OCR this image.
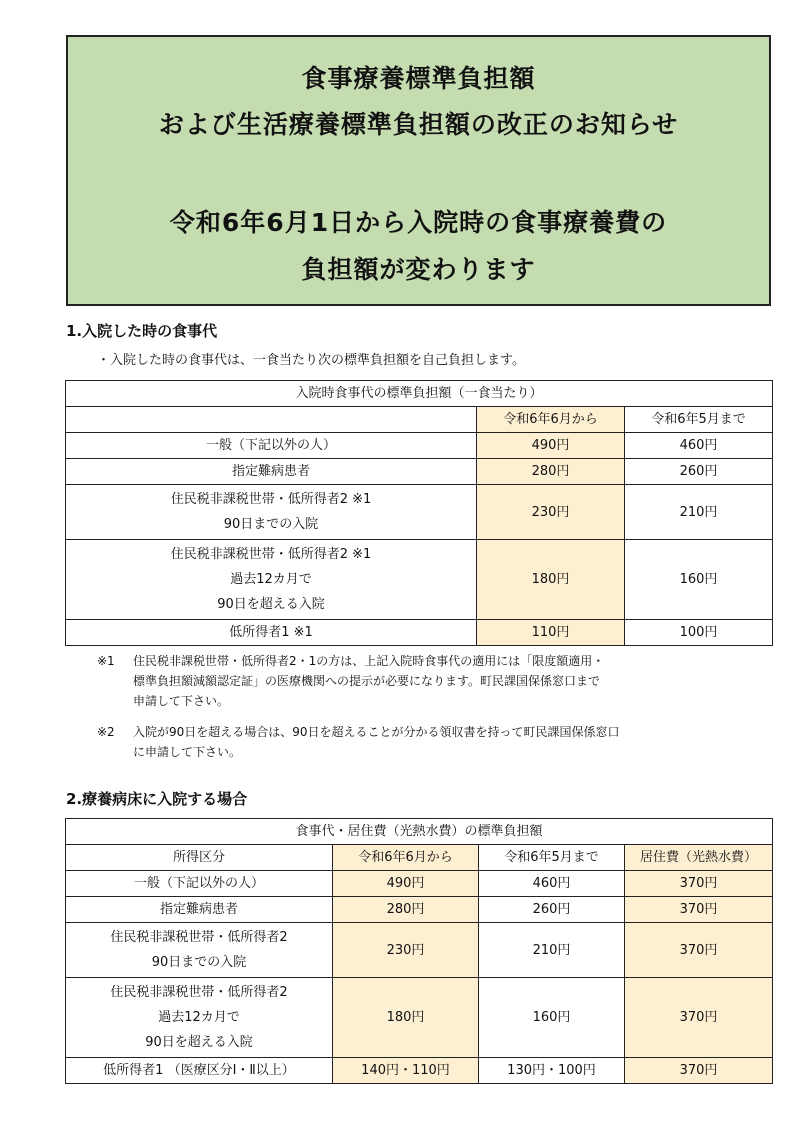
食事療養標準負担額
および生活療養標準負担額の改正のお知らせ
令和6年6月1日から入院時の食事療養費の
負担額が変わります
1.入院した時の食事代
・入院した時の食事代は、一食当たり次の標準負担額を自己負担します。
入院時食事代の標準負担額（一食当たり）		
	令和6年6月から	令和6年5月まで

一般（下記以外の人）	490円	460円

指定難病患者	280円	260円

住民税非課税世帯・低所得者2 ※1
90日までの入院	230円	210円

住民税非課税世帯・低所得者2 ※1
過去12カ月で
90日を超える入院	180円	160円

低所得者1 ※1	110円	100円
※1 住民税非課税世帯・低所得者2・1の方は、上記入院時食事代の適用には「限度額適用・
標準負担額減額認定証」の医療機関への提示が必要になります。町民課国保係窓口まで
申請して下さい。
※2 入院が90日を超える場合は、90日を超えることが分かる領収書を持って町民課国保係窓口
に申請して下さい。
2.療養病床に入院する場合
食事代・居住費（光熱水費）の標準負担額			
所得区分	令和6年6月から	令和6年5月まで	居住費（光熱水費）

一般（下記以外の人）	490円	460円	370円

指定難病患者	280円	260円	370円

住民税非課税世帯・低所得者2
90日までの入院	230円	210円	370円

住民税非課税世帯・低所得者2
過去12カ月で
90日を超える入院	180円	160円	370円

低所得者1 （医療区分Ⅰ・Ⅱ以上）	140円・110円	130円・100円	370円
